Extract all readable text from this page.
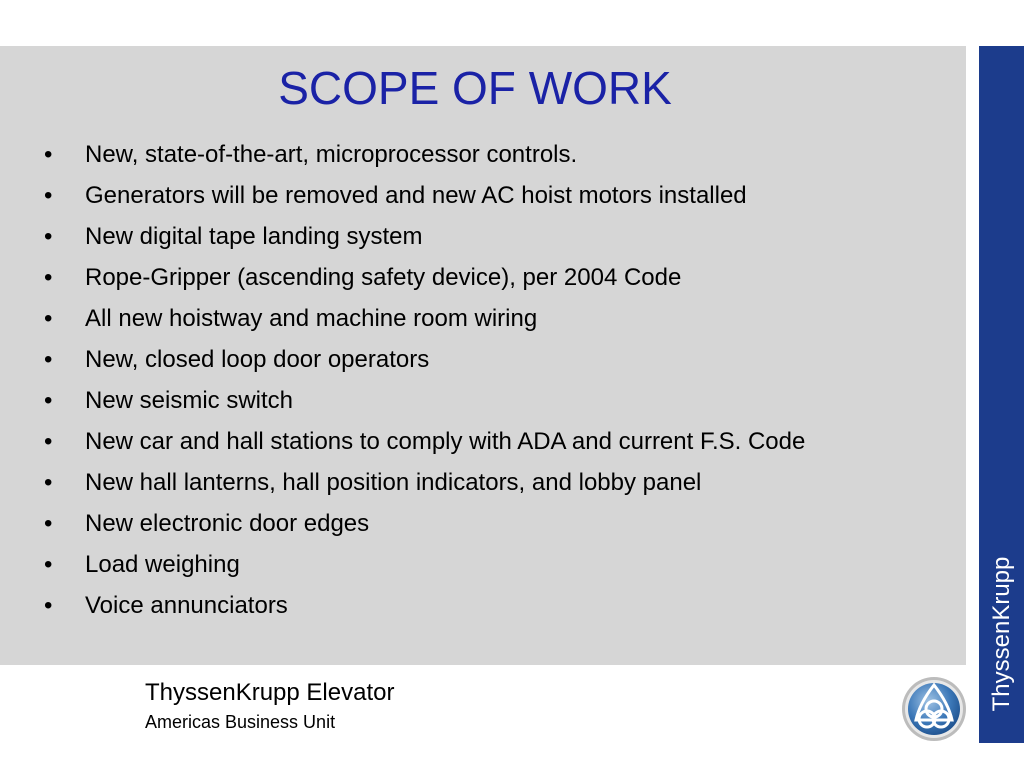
SCOPE OF WORK
•	New, state-of-the-art, microprocessor controls.
•	Generators will be removed and new AC hoist motors installed
•	New digital tape landing system
•	Rope-Gripper (ascending safety device), per 2004 Code
•	All new hoistway and machine room wiring
•	New, closed loop door operators
•	New seismic switch
•	New car and hall stations to comply with ADA and current F.S. Code
•	New hall lanterns, hall position indicators, and lobby panel
•	New electronic door edges
•	Load weighing
•	Voice annunciators	ThyssenKrupp
ThyssenKrupp Elevator
Americas Business Unit
